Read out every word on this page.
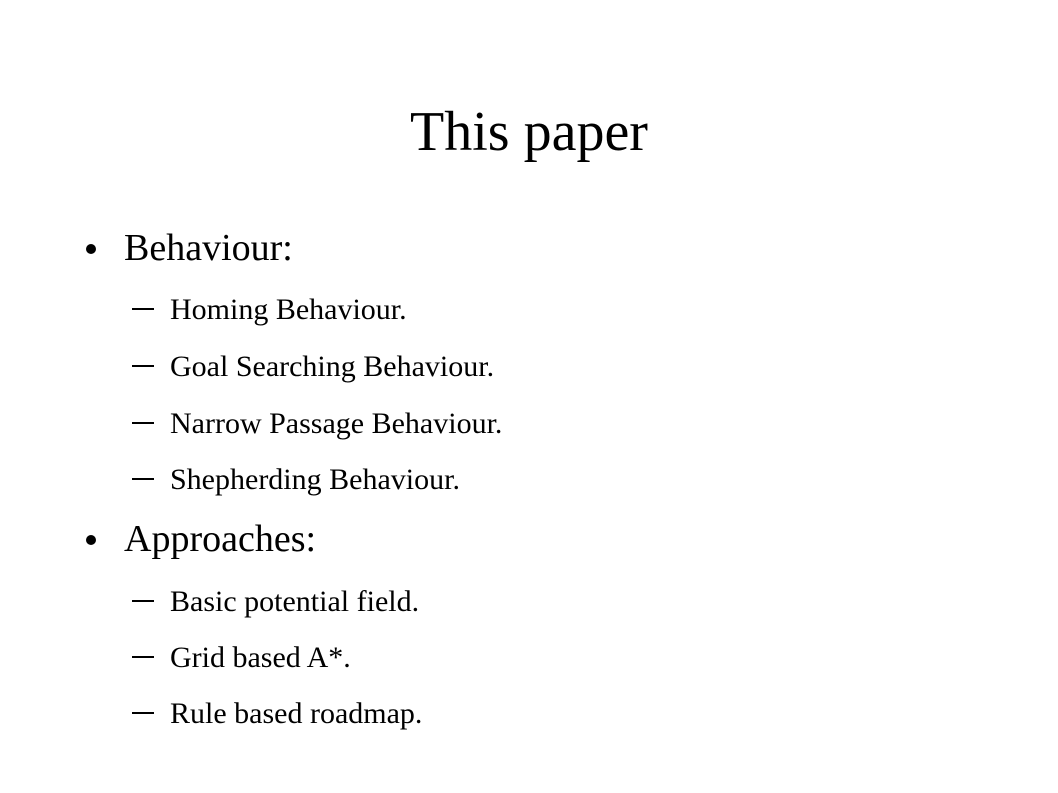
This paper
Behaviour:
Homing Behaviour.
Goal Searching Behaviour.
Narrow Passage Behaviour.
Shepherding Behaviour.
Approaches:
Basic potential field.
Grid based A*.
Rule based roadmap.
